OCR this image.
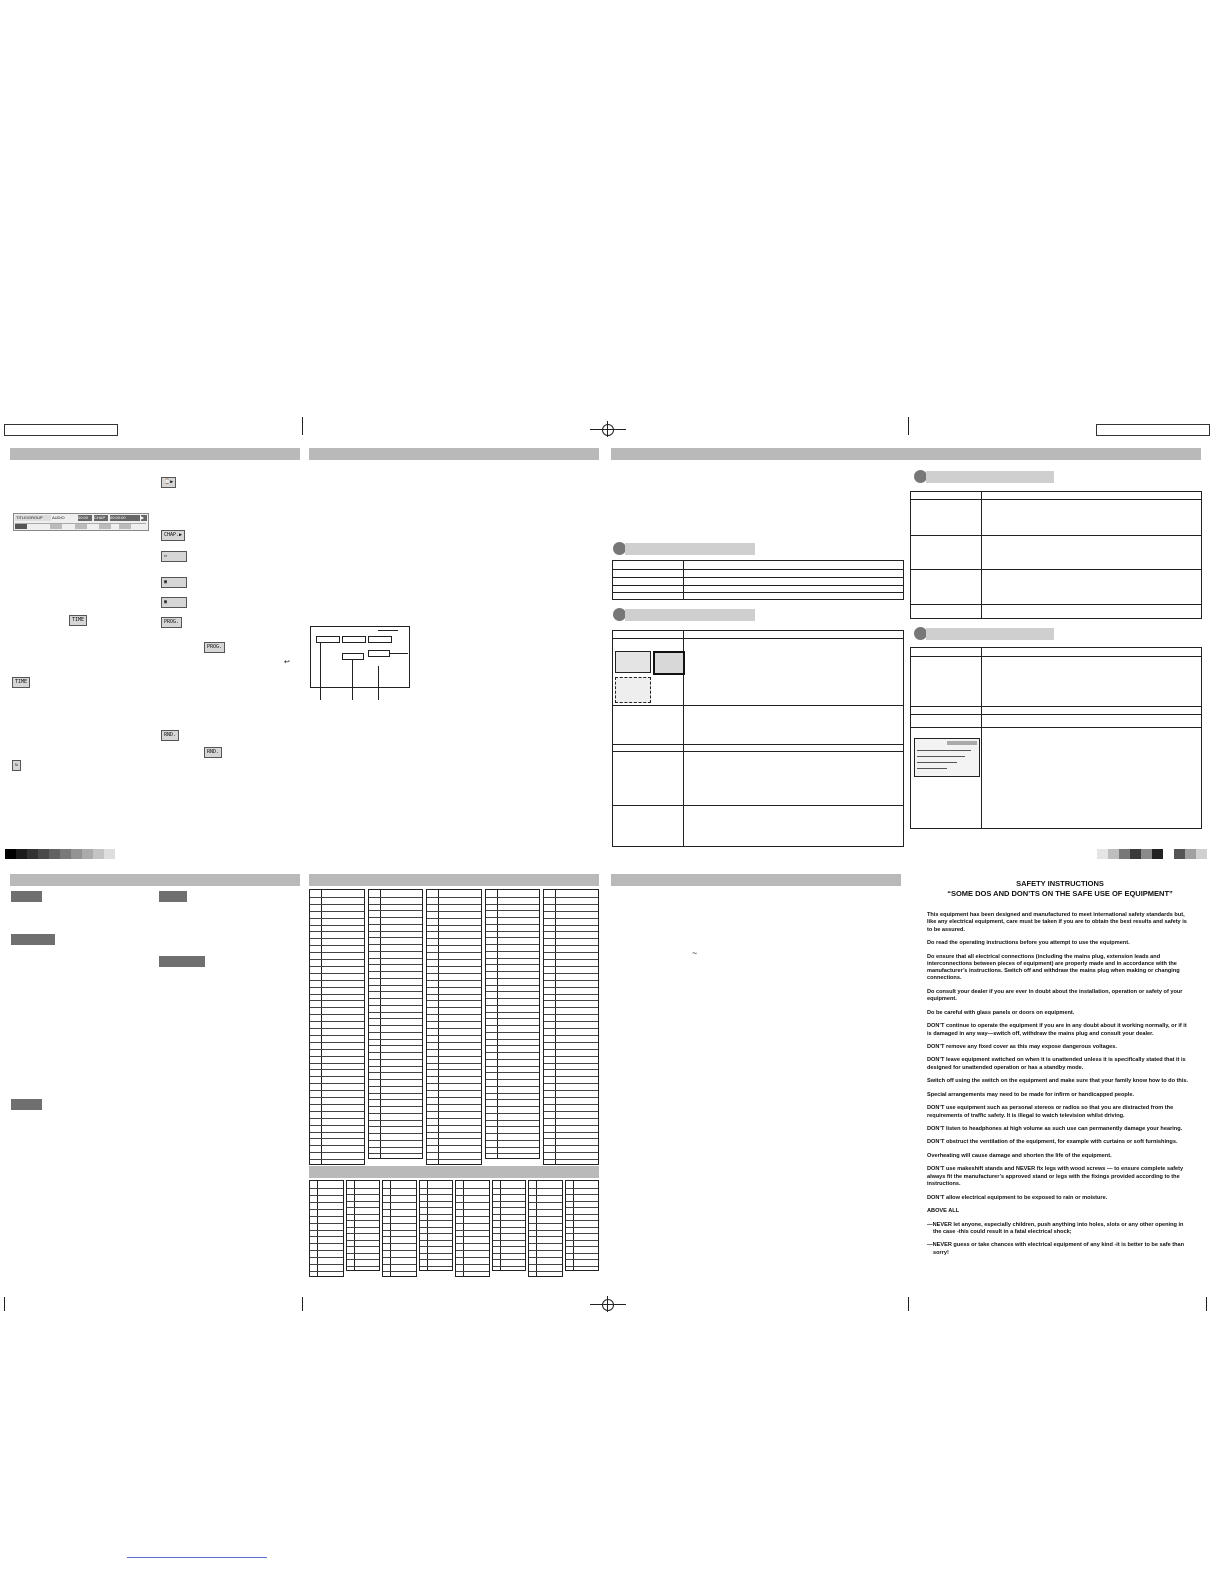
TITLE/GROUP	AUDIO	00:00	CHAP	00:00:00	▶
TIME
TIME
↻
⌚▶
CHAP.▶
▭
▣
▣
PROG.
PROG.
↩
RND.
RND.
~
SAFETY INSTRUCTIONS
“SOME DOS AND DON’TS ON THE SAFE USE OF EQUIPMENT”

This equipment has been designed and manufactured to meet international safety standards but, like any electrical equipment, care must be taken if you are to obtain the best results and safety is to be assured.

Do read the operating instructions before you attempt to use the equipment.

Do ensure that all electrical connections (including the mains plug, extension leads and interconnections between pieces of equipment) are properly made and in accordance with the manufacturer’s instructions. Switch off and withdraw the mains plug when making or changing connections.

Do consult your dealer if you are ever in doubt about the installation, operation or safety of your equipment.

Do be careful with glass panels or doors on equipment.

DON’T continue to operate the equipment if you are in any doubt about it working normally, or if it is damaged in any way—switch off, withdraw the mains plug and consult your dealer.

DON’T remove any fixed cover as this may expose dangerous voltages.

DON’T leave equipment switched on when it is unattended unless it is specifically stated that it is designed for unattended operation or has a standby mode.

Switch off using the switch on the equipment and make sure that your family know how to do this.

Special arrangements may need to be made for infirm or handicapped people.

DON’T use equipment such as personal stereos or radios so that you are distracted from the requirements of traffic safety. It is illegal to watch television whilst driving.

DON’T listen to headphones at high volume as such use can permanently damage your hearing.

DON’T obstruct the ventilation of the equipment, for example with curtains or soft furnishings.

Overheating will cause damage and shorten the life of the equipment.

DON’T use makeshift stands and NEVER fix legs with wood screws — to ensure complete safety always fit the manufacturer’s approved stand or legs with the fixings provided according to the instructions.

DON’T allow electrical equipment to be exposed to rain or moisture.

ABOVE ALL

—NEVER let anyone, especially children, push anything into holes, slots or any other opening in the case -this could result in a fatal electrical shock;

—NEVER guess or take chances with electrical equipment of any kind -it is better to be safe than sorry!
